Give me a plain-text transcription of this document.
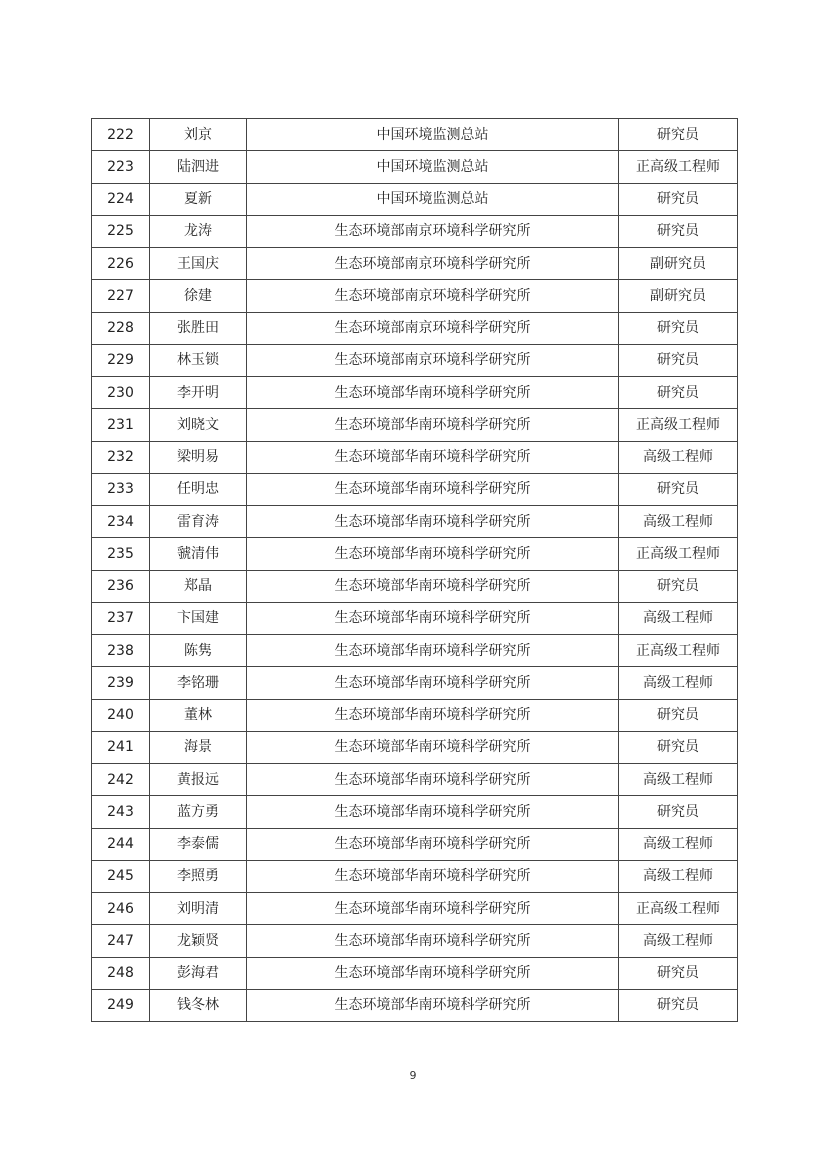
222	刘京	中国环境监测总站	研究员
223	陆泗进	中国环境监测总站	正高级工程师
224	夏新	中国环境监测总站	研究员
225	龙涛	生态环境部南京环境科学研究所	研究员
226	王国庆	生态环境部南京环境科学研究所	副研究员
227	徐建	生态环境部南京环境科学研究所	副研究员
228	张胜田	生态环境部南京环境科学研究所	研究员
229	林玉锁	生态环境部南京环境科学研究所	研究员
230	李开明	生态环境部华南环境科学研究所	研究员
231	刘晓文	生态环境部华南环境科学研究所	正高级工程师
232	梁明易	生态环境部华南环境科学研究所	高级工程师
233	任明忠	生态环境部华南环境科学研究所	研究员
234	雷育涛	生态环境部华南环境科学研究所	高级工程师
235	虢清伟	生态环境部华南环境科学研究所	正高级工程师
236	郑晶	生态环境部华南环境科学研究所	研究员
237	卞国建	生态环境部华南环境科学研究所	高级工程师
238	陈隽	生态环境部华南环境科学研究所	正高级工程师
239	李铭珊	生态环境部华南环境科学研究所	高级工程师
240	董林	生态环境部华南环境科学研究所	研究员
241	海景	生态环境部华南环境科学研究所	研究员
242	黄报远	生态环境部华南环境科学研究所	高级工程师
243	蓝方勇	生态环境部华南环境科学研究所	研究员
244	李泰儒	生态环境部华南环境科学研究所	高级工程师
245	李照勇	生态环境部华南环境科学研究所	高级工程师
246	刘明清	生态环境部华南环境科学研究所	正高级工程师
247	龙颖贤	生态环境部华南环境科学研究所	高级工程师
248	彭海君	生态环境部华南环境科学研究所	研究员
249	钱冬林	生态环境部华南环境科学研究所	研究员
9
